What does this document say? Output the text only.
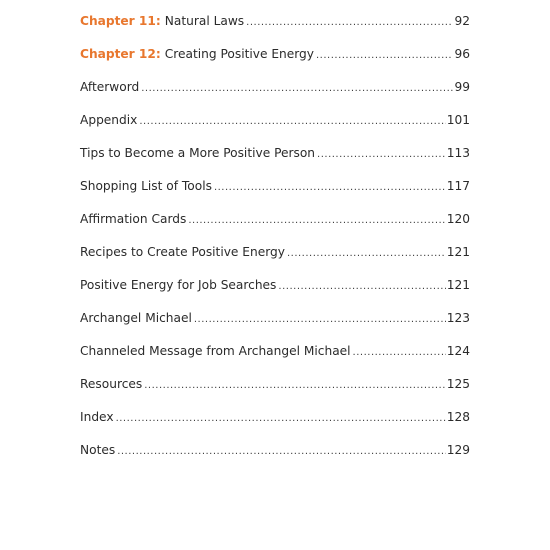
Chapter 11: Natural Laws .....	92
Chapter 12: Creating Positive Energy .....	96
Afterword .....	99
Appendix .....	101
Tips to Become a More Positive Person .....	113
Shopping List of Tools .....	117
Affirmation Cards .....	120
Recipes to Create Positive Energy .....	121
Positive Energy for Job Searches .....	121
Archangel Michael .....	123
Channeled Message from Archangel Michael .....	124
Resources .....	125
Index .....	128
Notes .....	129
